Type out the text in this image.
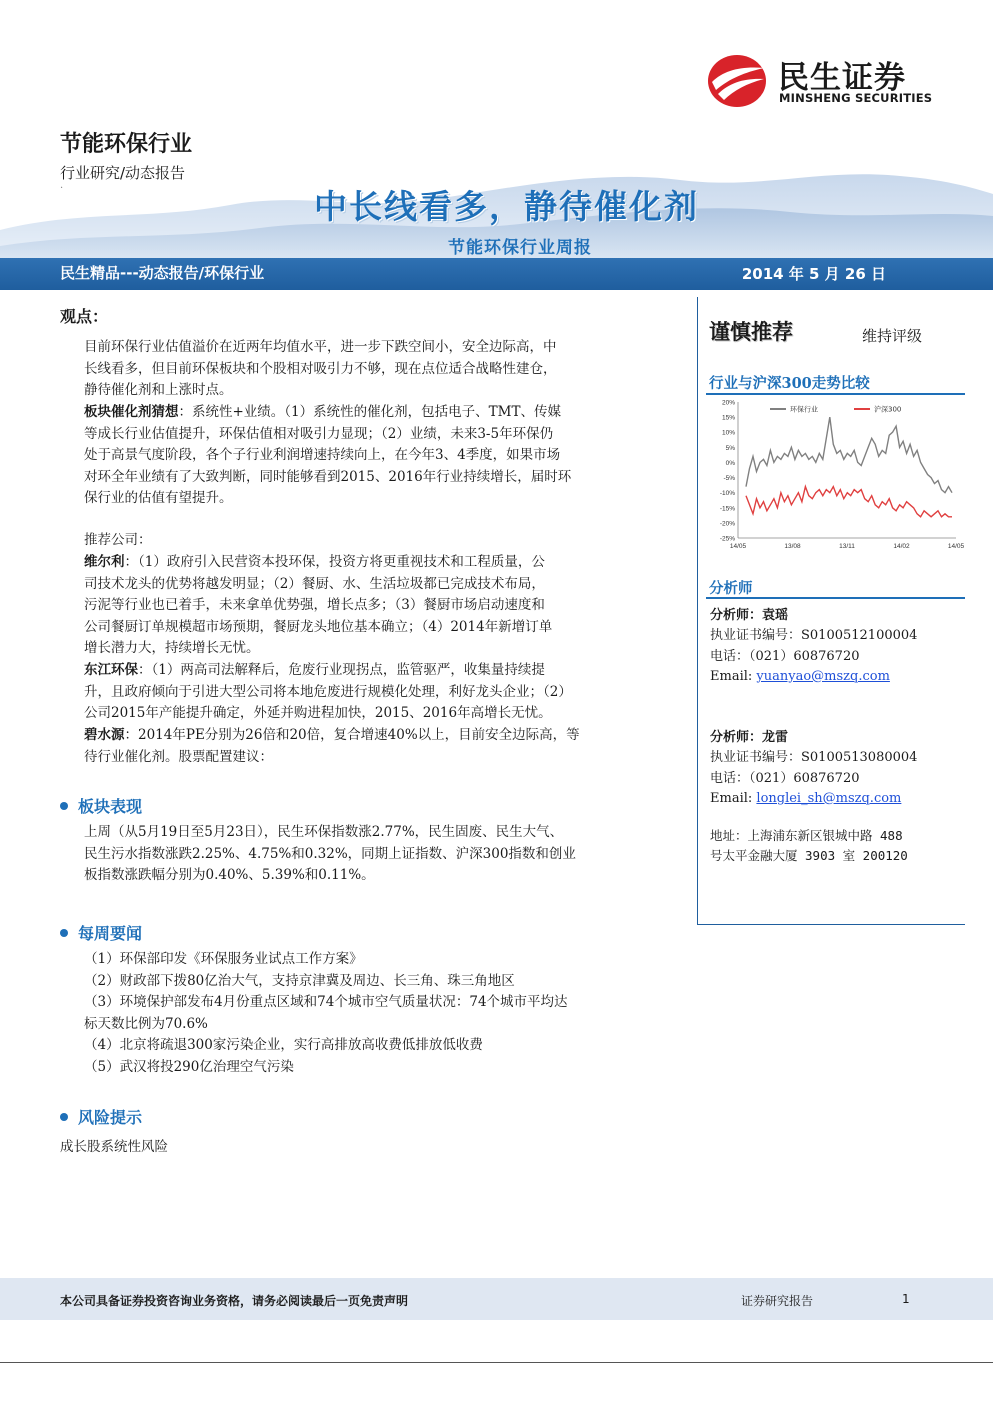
民生证券
MINSHENG SECURITIES
节能环保行业
行业研究/动态报告
·	中长线看多，静待催化剂
节能环保行业周报
民生精品---动态报告/环保行业	2014 年 5 月 26 日
观点：
目前环保行业估值溢价在近两年均值水平，进一步下跌空间小，安全边际高，中
长线看多，但目前环保板块和个股相对吸引力不够，现在点位适合战略性建仓，
静待催化剂和上涨时点。
板块催化剂猜想：系统性+业绩。（1）系统性的催化剂，包括电子、TMT、传媒
等成长行业估值提升，环保估值相对吸引力显现；（2）业绩，未来3-5年环保仍
处于高景气度阶段，各个子行业利润增速持续向上，在今年3、4季度，如果市场
对环全年业绩有了大致判断，同时能够看到2015、2016年行业持续增长，届时环
保行业的估值有望提升。
推荐公司：
维尔利：（1）政府引入民营资本投环保，投资方将更重视技术和工程质量，公
司技术龙头的优势将越发明显；（2）餐厨、水、生活垃圾都已完成技术布局，
污泥等行业也已着手，未来拿单优势强，增长点多；（3）餐厨市场启动速度和
公司餐厨订单规模超市场预期，餐厨龙头地位基本确立；（4）2014年新增订单
增长潜力大，持续增长无忧。
东江环保：（1）两高司法解释后，危废行业现拐点，监管驱严，收集量持续提
升，且政府倾向于引进大型公司将本地危废进行规模化处理，利好龙头企业；（2）
公司2015年产能提升确定，外延并购进程加快，2015、2016年高增长无忧。
碧水源：2014年PE分别为26倍和20倍，复合增速40%以上，目前安全边际高，等
待行业催化剂。股票配置建议：
板块表现
上周（从5月19日至5月23日），民生环保指数涨2.77%，民生固废、民生大气、
民生污水指数涨跌2.25%、4.75%和0.32%，同期上证指数、沪深300指数和创业
板指数涨跌幅分别为0.40%、5.39%和0.11%。
每周要闻
（1）环保部印发《环保服务业试点工作方案》
（2）财政部下拨80亿治大气，支持京津冀及周边、长三角、珠三角地区
（3）环境保护部发布4月份重点区域和74个城市空气质量状况：74个城市平均达
标天数比例为70.6%
（4）北京将疏退300家污染企业，实行高排放高收费低排放低收费
（5）武汉将投290亿治理空气污染
风险提示
成长股系统性风险
谨慎推荐	维持评级
行业与沪深300走势比较
20%
15%
10%
5%
0%
-5%
-10%
-15%
-20%
-25%
14/05	13/08	13/11	14/02	14/05
环保行业	沪深300
分析师
分析师：袁瑶
执业证书编号：S0100512100004
电话：（021）60876720
Email: yuanyao@mszq.com
分析师：龙雷
执业证书编号：S0100513080004
电话：（021）60876720
Email: longlei_sh@mszq.com
地址：上海浦东新区银城中路 488
号太平金融大厦 3903 室 200120
本公司具备证券投资咨询业务资格，请务必阅读最后一页免责声明	证券研究报告	1
